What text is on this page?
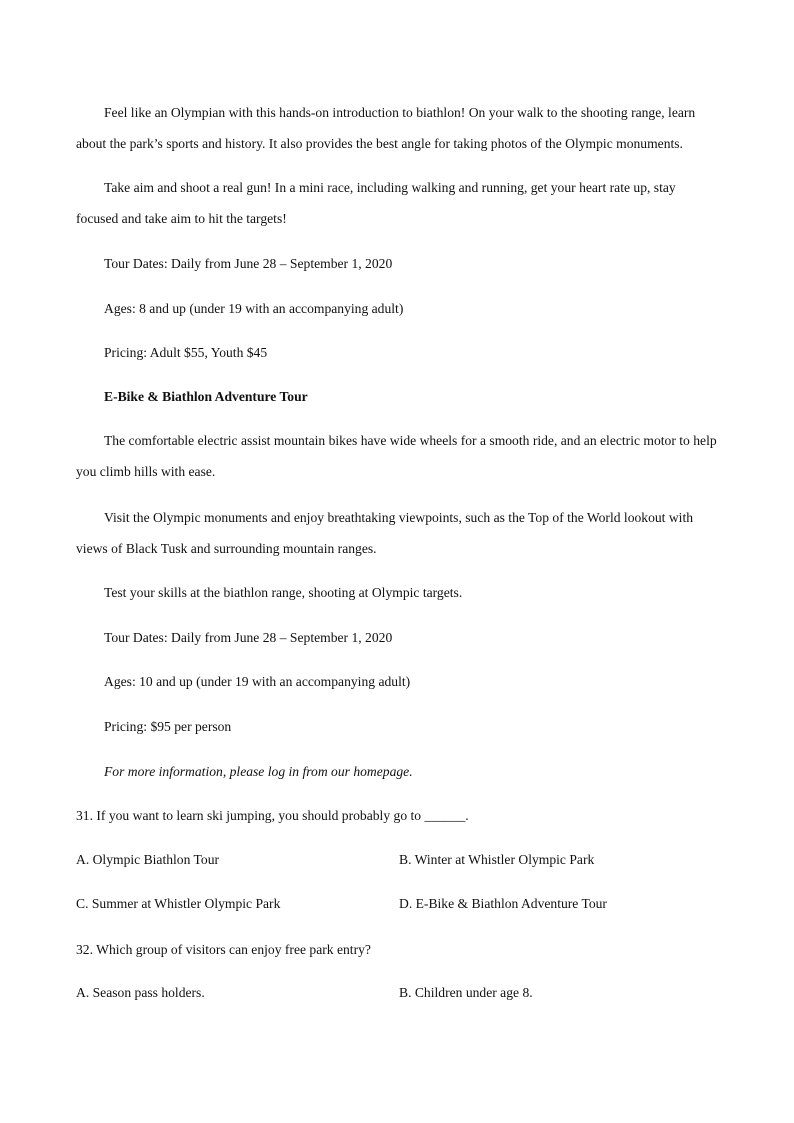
Feel like an Olympian with this hands-on introduction to biathlon! On your walk to the shooting range, learn about the park’s sports and history. It also provides the best angle for taking photos of the Olympic monuments.

Take aim and shoot a real gun! In a mini race, including walking and running, get your heart rate up, stay focused and take aim to hit the targets!

Tour Dates: Daily from June 28 – September 1, 2020

Ages: 8 and up (under 19 with an accompanying adult)

Pricing: Adult $55, Youth $45

E-Bike & Biathlon Adventure Tour

The comfortable electric assist mountain bikes have wide wheels for a smooth ride, and an electric motor to help you climb hills with ease.

Visit the Olympic monuments and enjoy breathtaking viewpoints, such as the Top of the World lookout with views of Black Tusk and surrounding mountain ranges.

Test your skills at the biathlon range, shooting at Olympic targets.

Tour Dates: Daily from June 28 – September 1, 2020

Ages: 10 and up (under 19 with an accompanying adult)

Pricing: $95 per person

For more information, please log in from our homepage.

31. If you want to learn ski jumping, you should probably go to ______.

A. Olympic Biathlon Tour	B. Winter at Whistler Olympic Park
C. Summer at Whistler Olympic Park	D. E-Bike & Biathlon Adventure Tour

32. Which group of visitors can enjoy free park entry?

A. Season pass holders.	B. Children under age 8.
